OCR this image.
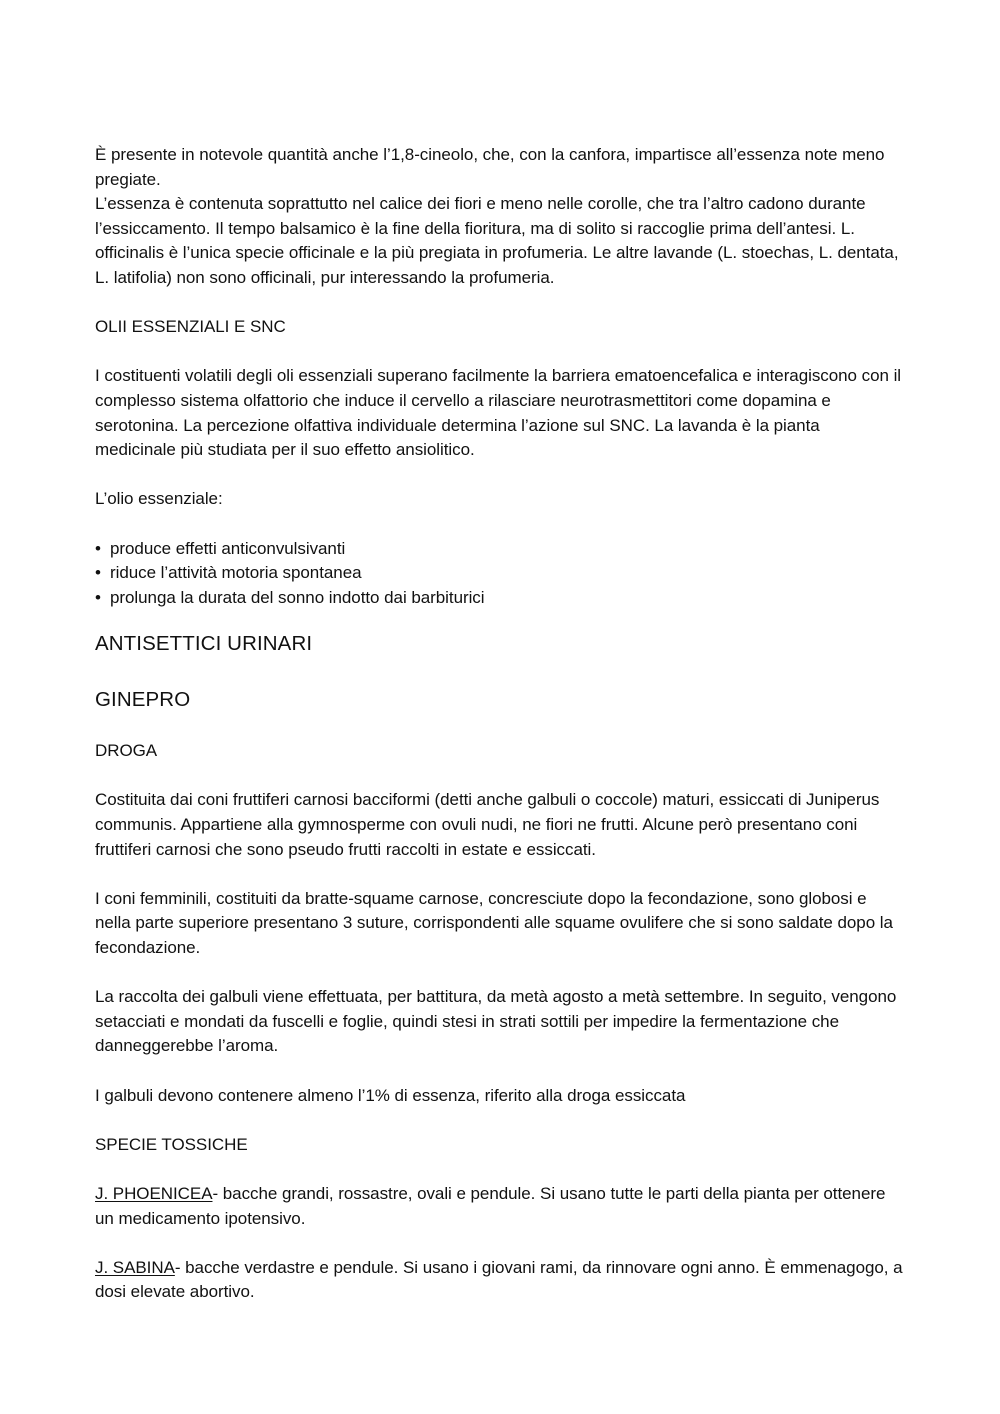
È presente in notevole quantità anche l’1,8-cineolo, che, con la canfora, impartisce all’essenza note meno pregiate.

L’essenza è contenuta soprattutto nel calice dei fiori e meno nelle corolle, che tra l’altro cadono durante l’essiccamento. Il tempo balsamico è la fine della fioritura, ma di solito si raccoglie prima dell’antesi. L. officinalis è l’unica specie officinale e la più pregiata in profumeria. Le altre lavande (L. stoechas, L. dentata, L. latifolia) non sono officinali, pur interessando la profumeria.

OLII ESSENZIALI E SNC

I costituenti volatili degli oli essenziali superano facilmente la barriera ematoencefalica e interagiscono con il complesso sistema olfattorio che induce il cervello a rilasciare neurotrasmettitori come dopamina e serotonina. La percezione olfattiva individuale determina l’azione sul SNC. La lavanda è la pianta medicinale più studiata per il suo effetto ansiolitico.

L’olio essenziale:

• produce effetti anticonvulsivanti
• riduce l’attività motoria spontanea
• prolunga la durata del sonno indotto dai barbiturici

ANTISETTICI URINARI

GINEPRO

DROGA

Costituita dai coni fruttiferi carnosi bacciformi (detti anche galbuli o coccole) maturi, essiccati di Juniperus communis. Appartiene alla gymnosperme con ovuli nudi, ne fiori ne frutti. Alcune però presentano coni fruttiferi carnosi che sono pseudo frutti raccolti in estate e essiccati.

I coni femminili, costituiti da bratte-squame carnose, concresciute dopo la fecondazione, sono globosi e nella parte superiore presentano 3 suture, corrispondenti alle squame ovulifere che si sono saldate dopo la fecondazione.

La raccolta dei galbuli viene effettuata, per battitura, da metà agosto a metà settembre. In seguito, vengono setacciati e mondati da fuscelli e foglie, quindi stesi in strati sottili per impedire la fermentazione che danneggerebbe l’aroma.

I galbuli devono contenere almeno l’1% di essenza, riferito alla droga essiccata

SPECIE TOSSICHE

J. PHOENICEA- bacche grandi, rossastre, ovali e pendule. Si usano tutte le parti della pianta per ottenere un medicamento ipotensivo.

J. SABINA- bacche verdastre e pendule. Si usano i giovani rami, da rinnovare ogni anno. È emmenagogo, a dosi elevate abortivo.
